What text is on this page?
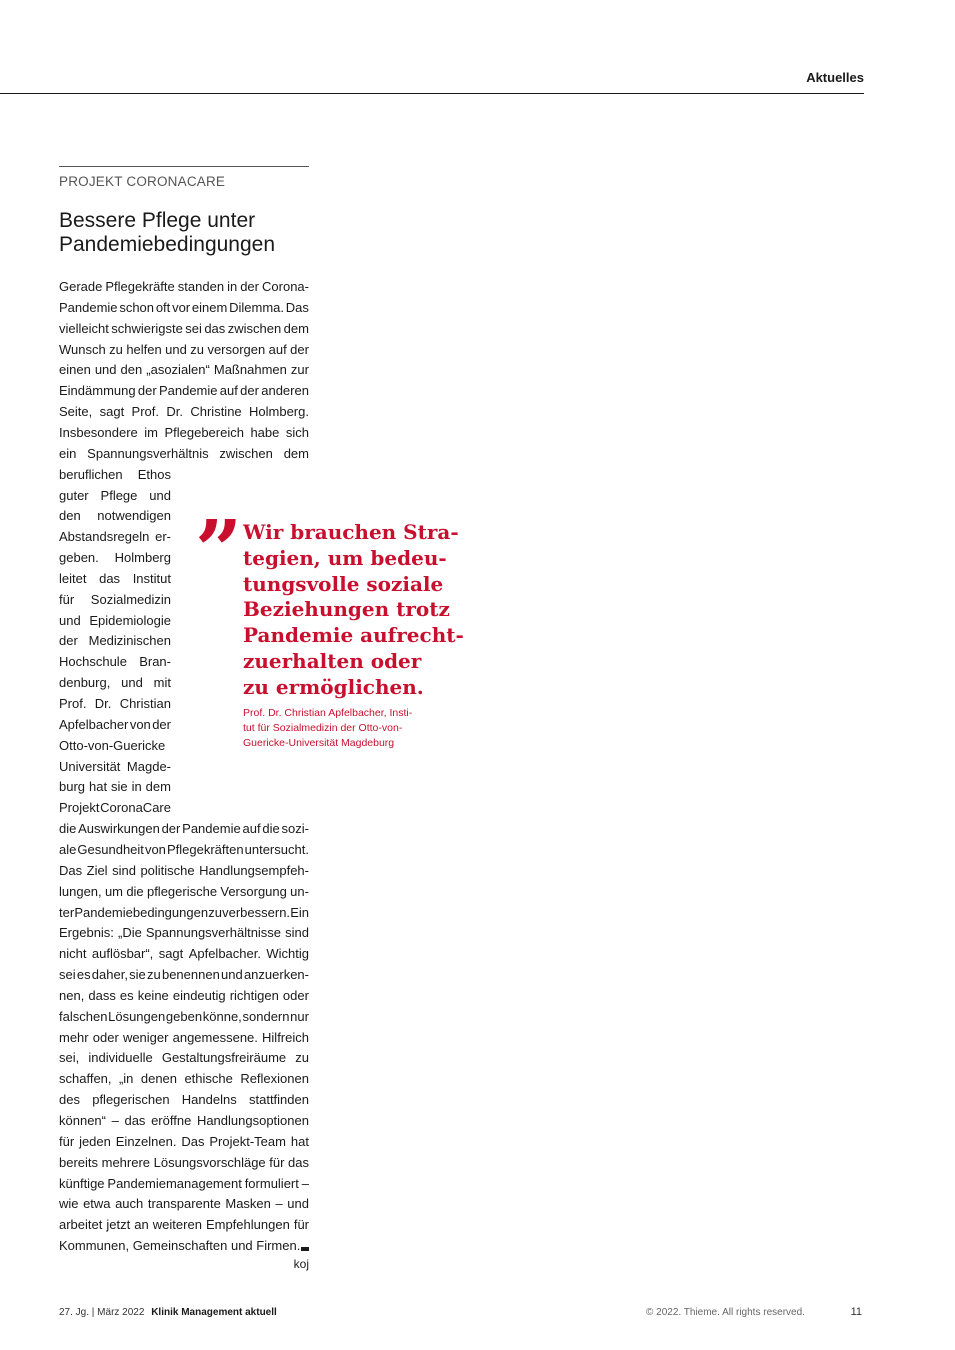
Aktuelles
PROJEKT CORONACARE
Bessere Pflege unter
Pandemiebedingungen
Gerade Pflegekräfte standen in der Corona-
Pandemie schon oft vor einem Dilemma. Das
vielleicht schwierigste sei das zwischen dem
Wunsch zu helfen und zu versorgen auf der
einen und den „asozialen“ Maßnahmen zur
Eindämmung der Pandemie auf der anderen
Seite, sagt Prof. Dr. Christine Holmberg.
Insbesondere im Pflegebereich habe sich
ein Spannungsverhältnis zwischen dem
beruflichen Ethos
guter Pflege und
den notwendigen
Abstandsregeln er-
geben. Holmberg
leitet das Institut
für Sozialmedizin
und Epidemiologie
der Medizinischen
Hochschule Bran-
denburg, und mit
Prof. Dr. Christian
Apfelbacher von der
Otto-von-Guericke
Universität Magde-
burg hat sie in dem
Projekt CoronaCare
die Auswirkungen der Pandemie auf die sozi-
ale Gesundheit von Pflegekräften untersucht.
Das Ziel sind politische Handlungsempfeh-
lungen, um die pflegerische Versorgung un-
ter Pandemiebedingungen zu verbessern. Ein
Ergebnis: „Die Spannungsverhältnisse sind
nicht auflösbar“, sagt Apfelbacher. Wichtig
sei es daher, sie zu benennen und anzuerken-
nen, dass es keine eindeutig richtigen oder
falschen Lösungen geben könne, sondern nur
mehr oder weniger angemessene. Hilfreich
sei, individuelle Gestaltungsfreiräume zu
schaffen, „in denen ethische Reflexionen
des pflegerischen Handelns stattfinden
können“ – das eröffne Handlungsoptionen
für jeden Einzelnen. Das Projekt-Team hat
bereits mehrere Lösungsvorschläge für das
künftige Pandemiemanagement formuliert –
wie etwa auch transparente Masken – und
arbeitet jetzt an weiteren Empfehlungen für
Kommunen, Gemeinschaften und Firmen.
koj
” Wir brauchen Stra-
tegien, um bedeu-
tungsvolle soziale
Beziehungen trotz
Pandemie aufrecht-
zuerhalten oder
zu ermöglichen.

Prof. Dr. Christian Apfelbacher, Insti-
tut für Sozialmedizin der Otto-von-
Guericke-Universität Magdeburg
27. Jg. | März 2022 Klinik Management aktuell	© 2022. Thieme. All rights reserved.	11
